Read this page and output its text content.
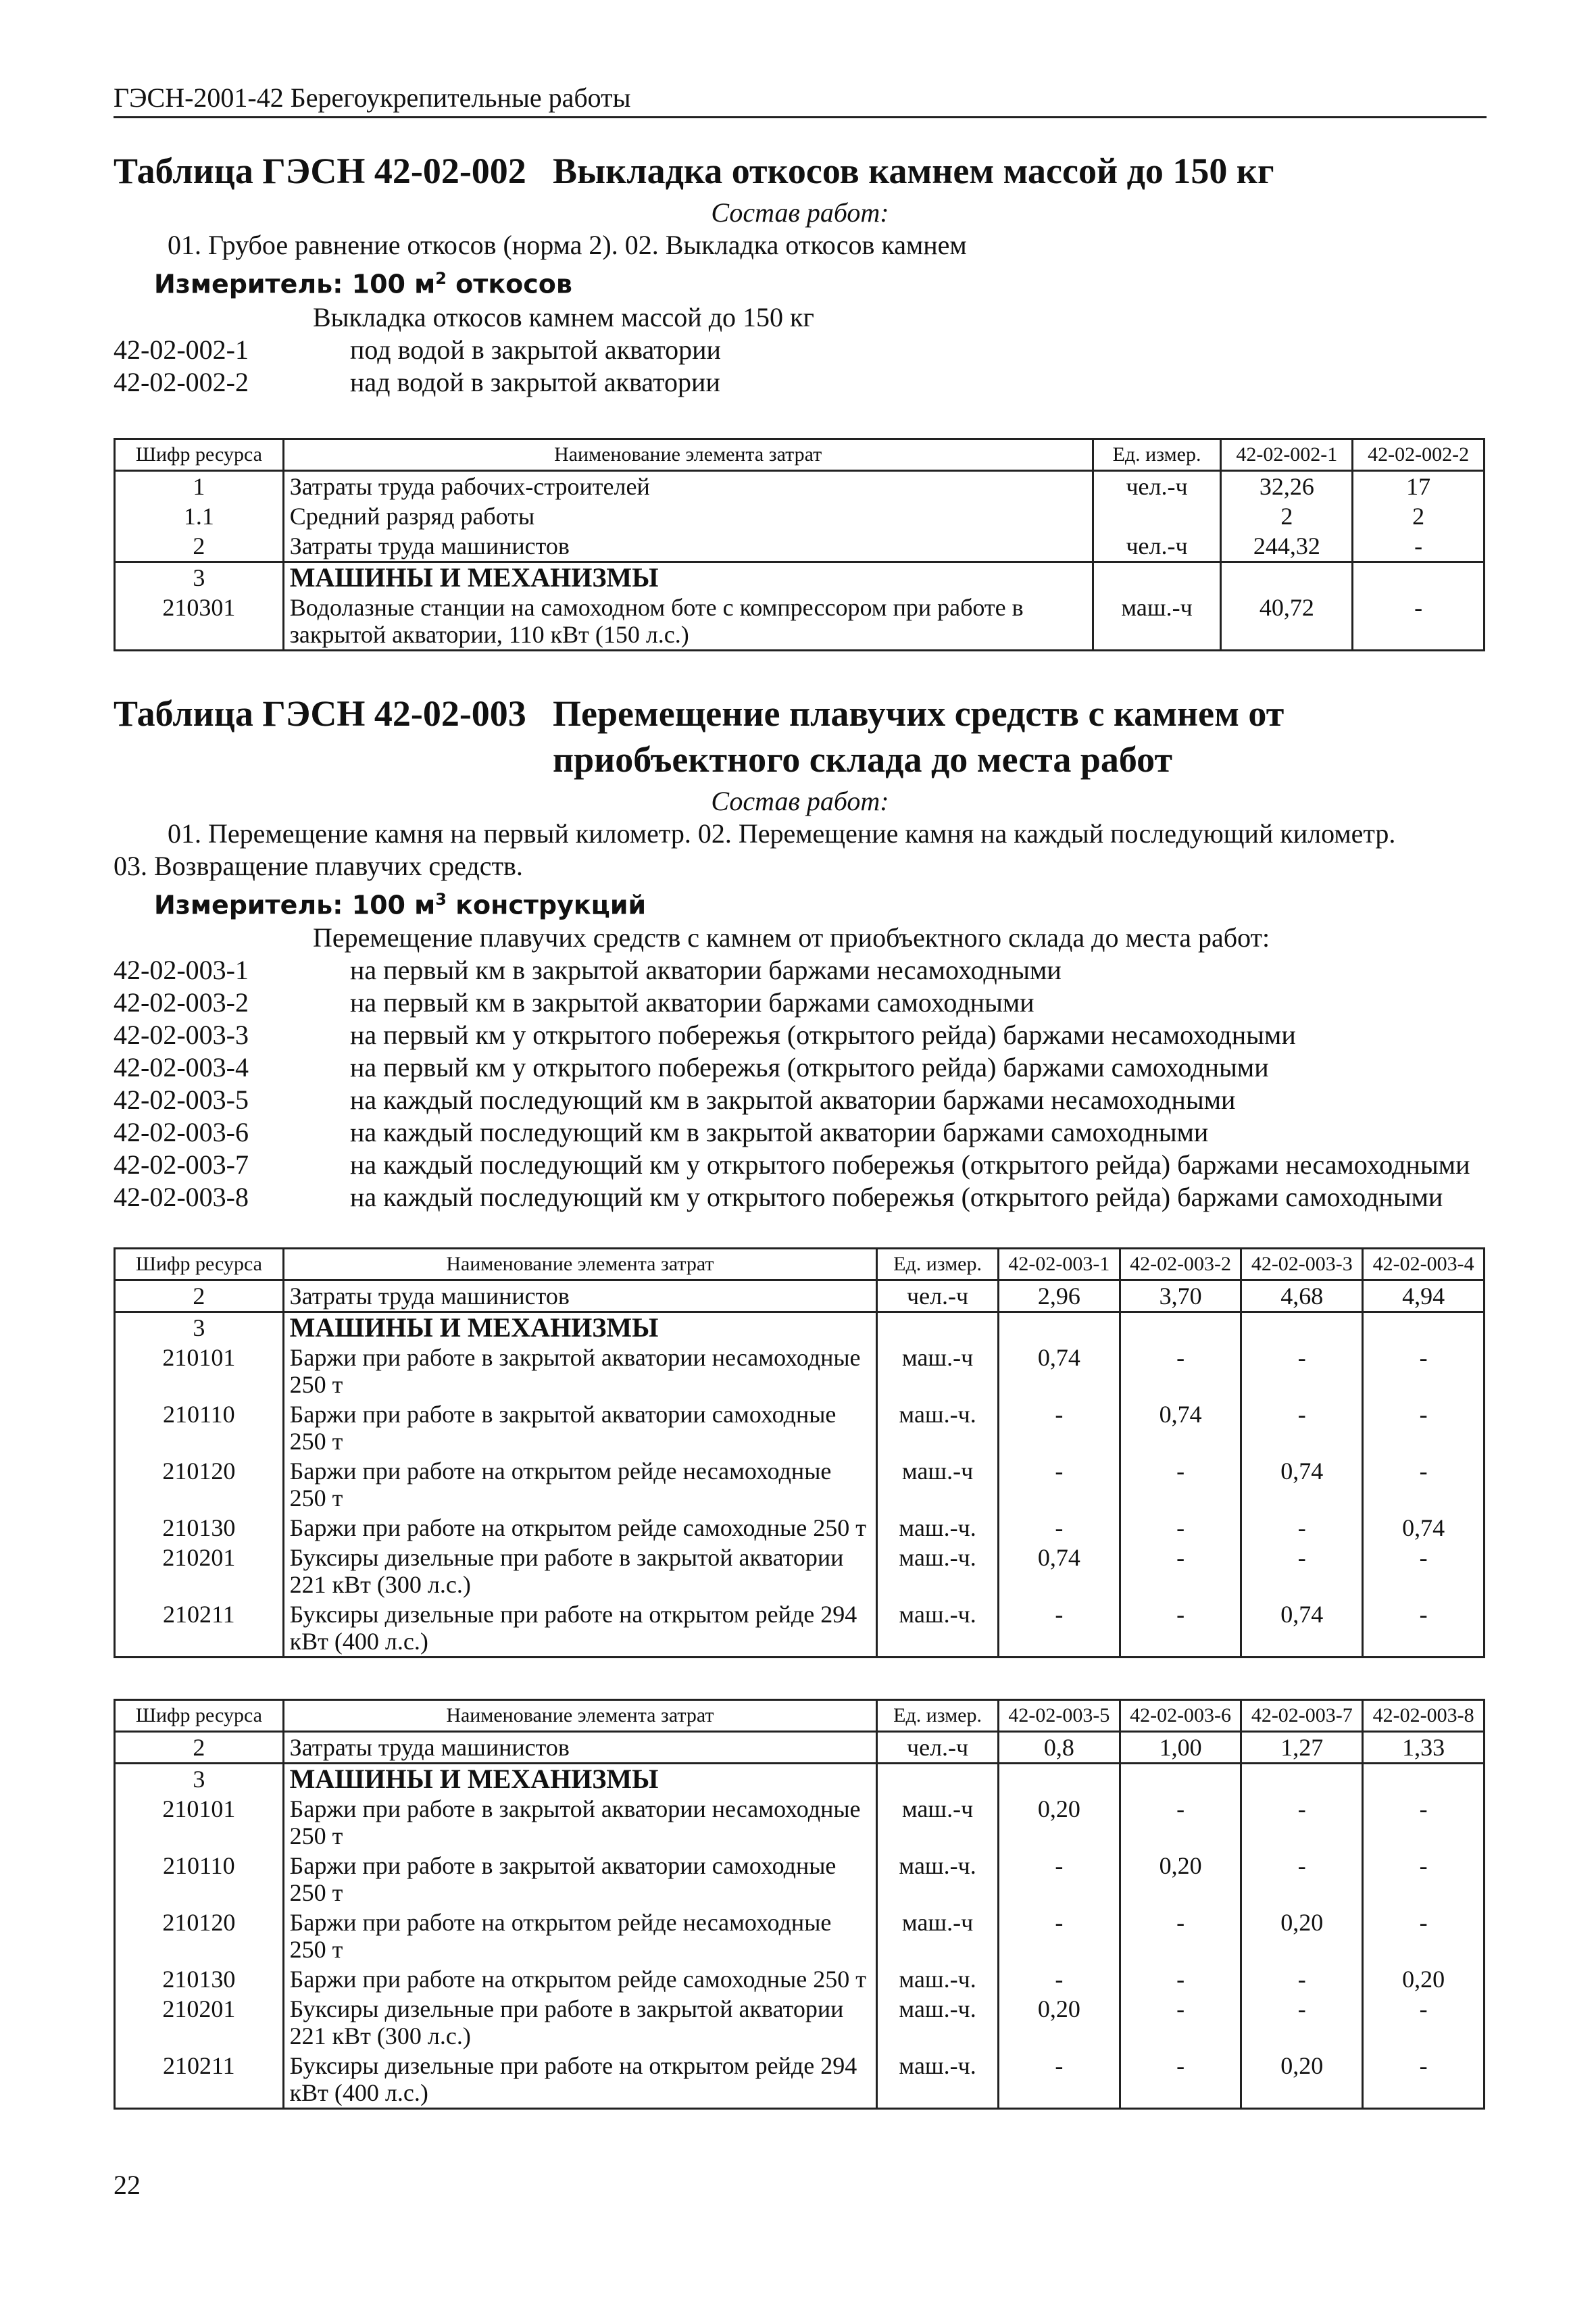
ГЭСН-2001-42 Берегоукрепительные работы
Таблица ГЭСН 42-02-002 Выкладка откосов камнем массой до 150 кг
Состав работ:
01. Грубое равнение откосов (норма 2). 02. Выкладка откосов камнем
Измеритель: 100 $м^2$ откосов
Выкладка откосов камнем массой до 150 кг
42-02-002-1	под водой в закрытой акватории
42-02-002-2	над водой в закрытой акватории
Шифр ресурса	Наименование элемента затрат	Ед. измер.	42-02-002-1	42-02-002-2
1	Затраты труда рабочих-строителей	чел.-ч	32,26	17
1.1	Средний разряд работы		2	2
2	Затраты труда машинистов	чел.-ч	244,32	-
3	МАШИНЫ И МЕХАНИЗМЫ			
210301	Водолазные станции на самоходном боте с компрессором при работе в закрытой акватории, 110 кВт (150 л.с.)	маш.-ч	40,72	-
Таблица ГЭСН 42-02-003 Перемещение плавучих средств с камнем от приобъектного склада до места работ
Состав работ:
01. Перемещение камня на первый километр. 02. Перемещение камня на каждый последующий километр.
03. Возвращение плавучих средств.
Измеритель: 100 $м^3$ конструкций
Перемещение плавучих средств с камнем от приобъектного склада до места работ:
42-02-003-1	на первый км в закрытой акватории баржами несамоходными
42-02-003-2	на первый км в закрытой акватории баржами самоходными
42-02-003-3	на первый км у открытого побережья (открытого рейда) баржами несамоходными
42-02-003-4	на первый км у открытого побережья (открытого рейда) баржами самоходными
42-02-003-5	на каждый последующий км в закрытой акватории баржами несамоходными
42-02-003-6	на каждый последующий км в закрытой акватории баржами самоходными
42-02-003-7	на каждый последующий км у открытого побережья (открытого рейда) баржами несамоходными
42-02-003-8	на каждый последующий км у открытого побережья (открытого рейда) баржами самоходными
Шифр ресурса	Наименование элемента затрат	Ед. измер.	42-02-003-1	42-02-003-2	42-02-003-3	42-02-003-4
2	Затраты труда машинистов	чел.-ч	2,96	3,70	4,68	4,94
3	МАШИНЫ И МЕХАНИЗМЫ					
210101	Баржи при работе в закрытой акватории несамоходные 250 т	маш.-ч	0,74	-	-	-
210110	Баржи при работе в закрытой акватории самоходные 250 т	маш.-ч.	-	0,74	-	-
210120	Баржи при работе на открытом рейде несамоходные 250 т	маш.-ч	-	-	0,74	-
210130	Баржи при работе на открытом рейде самоходные 250 т	маш.-ч.	-	-	-	0,74
210201	Буксиры дизельные при работе в закрытой акватории 221 кВт (300 л.с.)	маш.-ч.	0,74	-	-	-
210211	Буксиры дизельные при работе на открытом рейде 294 кВт (400 л.с.)	маш.-ч.	-	-	0,74	-
Шифр ресурса	Наименование элемента затрат	Ед. измер.	42-02-003-5	42-02-003-6	42-02-003-7	42-02-003-8
2	Затраты труда машинистов	чел.-ч	0,8	1,00	1,27	1,33
3	МАШИНЫ И МЕХАНИЗМЫ					
210101	Баржи при работе в закрытой акватории несамоходные 250 т	маш.-ч	0,20	-	-	-
210110	Баржи при работе в закрытой акватории самоходные 250 т	маш.-ч.	-	0,20	-	-
210120	Баржи при работе на открытом рейде несамоходные 250 т	маш.-ч	-	-	0,20	-
210130	Баржи при работе на открытом рейде самоходные 250 т	маш.-ч.	-	-	-	0,20
210201	Буксиры дизельные при работе в закрытой акватории 221 кВт (300 л.с.)	маш.-ч.	0,20	-	-	-
210211	Буксиры дизельные при работе на открытом рейде 294 кВт (400 л.с.)	маш.-ч.	-	-	0,20	-
22
